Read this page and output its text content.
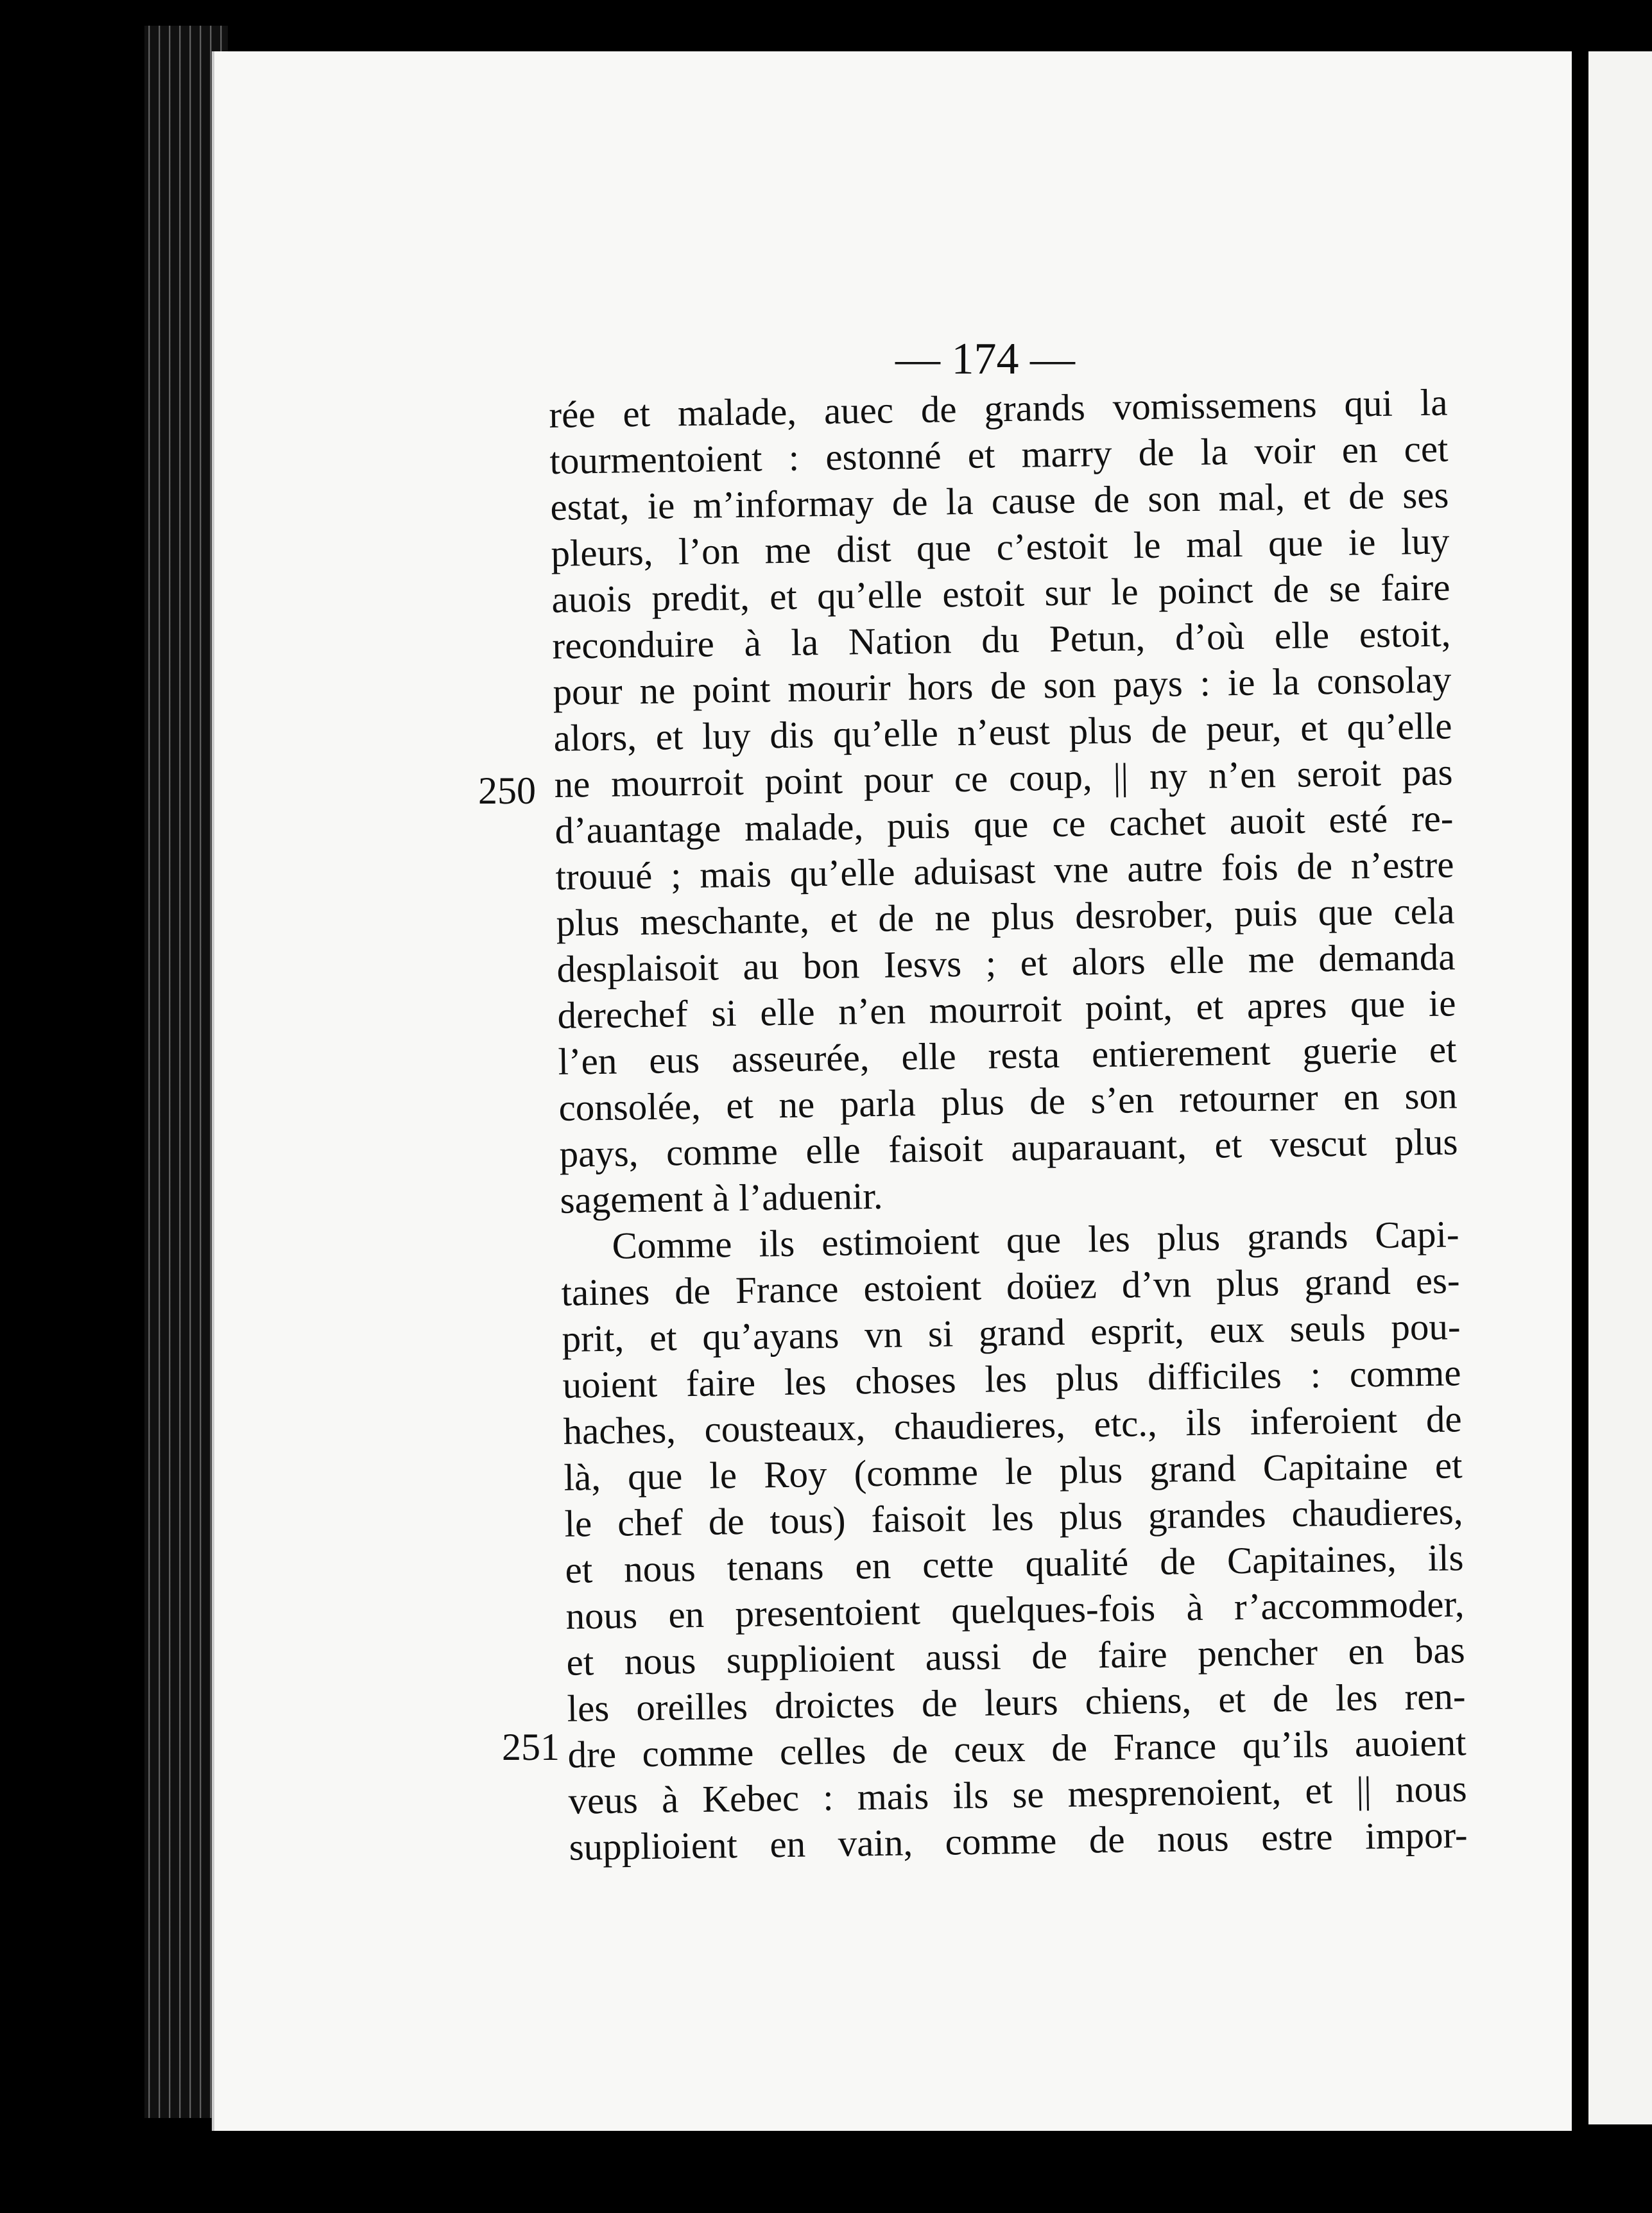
— 174 —
250
251
rée et malade, auec de grands vomissemens qui la
tourmentoient : estonné et marry de la voir en cet
estat, ie m’informay de la cause de son mal, et de ses
pleurs, l’on me dist que c’estoit le mal que ie luy
auois predit, et qu’elle estoit sur le poinct de se faire
reconduire à la Nation du Petun, d’où elle estoit,
pour ne point mourir hors de son pays : ie la consolay
alors, et luy dis qu’elle n’eust plus de peur, et qu’elle
ne mourroit point pour ce coup, || ny n’en seroit pas
d’auantage malade, puis que ce cachet auoit esté re-
trouué ; mais qu’elle aduisast vne autre fois de n’estre
plus meschante, et de ne plus desrober, puis que cela
desplaisoit au bon Iesvs ; et alors elle me demanda
derechef si elle n’en mourroit point, et apres que ie
l’en eus asseurée, elle resta entierement guerie et
consolée, et ne parla plus de s’en retourner en son
pays, comme elle faisoit auparauant, et vescut plus
sagement à l’aduenir.
Comme ils estimoient que les plus grands Capi-
taines de France estoient doüez d’vn plus grand es-
prit, et qu’ayans vn si grand esprit, eux seuls pou-
uoient faire les choses les plus difficiles : comme
haches, cousteaux, chaudieres, etc., ils inferoient de
là, que le Roy (comme le plus grand Capitaine et
le chef de tous) faisoit les plus grandes chaudieres,
et nous tenans en cette qualité de Capitaines, ils
nous en presentoient quelques-fois à r’accommoder,
et nous supplioient aussi de faire pencher en bas
les oreilles droictes de leurs chiens, et de les ren-
dre comme celles de ceux de France qu’ils auoient
veus à Kebec : mais ils se mesprenoient, et || nous
supplioient en vain, comme de nous estre impor-
